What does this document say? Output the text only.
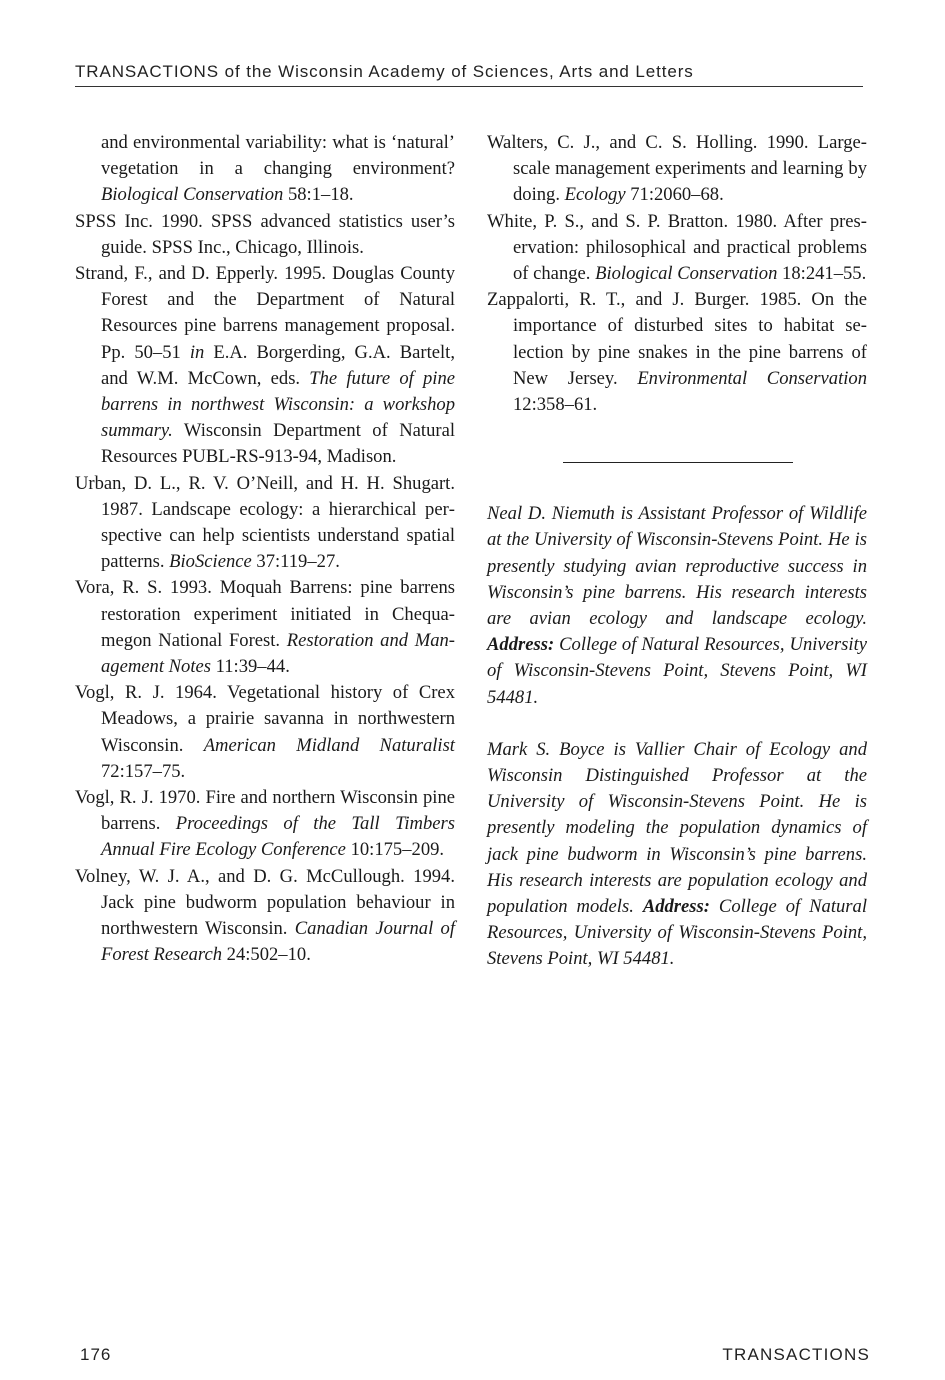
TRANSACTIONS of the Wisconsin Academy of Sciences, Arts and Letters

and environmental variability: what is ‘natural’ vegetation in a changing environment? Biological Conservation 58:1–18.

SPSS Inc. 1990. SPSS advanced statistics user’s guide. SPSS Inc., Chicago, Illinois.

Strand, F., and D. Epperly. 1995. Douglas County Forest and the Department of Natural Resources pine barrens management proposal. Pp. 50–51 in E.A. Borgerding, G.A. Bartelt, and W.M. McCown, eds. The future of pine barrens in northwest Wisconsin: a workshop summary. Wisconsin Department of Natural Resources PUBL-RS-913-94, Madison.

Urban, D. L., R. V. O’Neill, and H. H. Shugart. 1987. Landscape ecology: a hierarchical perspective can help scientists understand spatial patterns. BioScience 37:119–27.

Vora, R. S. 1993. Moquah Barrens: pine barrens restoration experiment initiated in Chequamegon National Forest. Restoration and Management Notes 11:39–44.

Vogl, R. J. 1964. Vegetational history of Crex Meadows, a prairie savanna in northwestern Wisconsin. American Midland Naturalist 72:157–75.

Vogl, R. J. 1970. Fire and northern Wisconsin pine barrens. Proceedings of the Tall Timbers Annual Fire Ecology Conference 10:175–209.

Volney, W. J. A., and D. G. McCullough. 1994. Jack pine budworm population behaviour in northwestern Wisconsin. Canadian Journal of Forest Research 24:502–10.

Walters, C. J., and C. S. Holling. 1990. Large-scale management experiments and learning by doing. Ecology 71:2060–68.

White, P. S., and S. P. Bratton. 1980. After preservation: philosophical and practical problems of change. Biological Conservation 18:241–55.

Zappalorti, R. T., and J. Burger. 1985. On the importance of disturbed sites to habitat selection by pine snakes in the pine barrens of New Jersey. Environmental Conservation 12:358–61.

Neal D. Niemuth is Assistant Professor of Wildlife at the University of Wisconsin-Stevens Point. He is presently studying avian reproductive success in Wisconsin’s pine barrens. His research interests are avian ecology and landscape ecology. Address: College of Natural Resources, University of Wisconsin-Stevens Point, Stevens Point, WI 54481.

Mark S. Boyce is Vallier Chair of Ecology and Wisconsin Distinguished Professor at the University of Wisconsin-Stevens Point. He is presently modeling the population dynamics of jack pine budworm in Wisconsin’s pine barrens. His research interests are population ecology and population models. Address: College of Natural Resources, University of Wisconsin-Stevens Point, Stevens Point, WI 54481.

176	TRANSACTIONS
